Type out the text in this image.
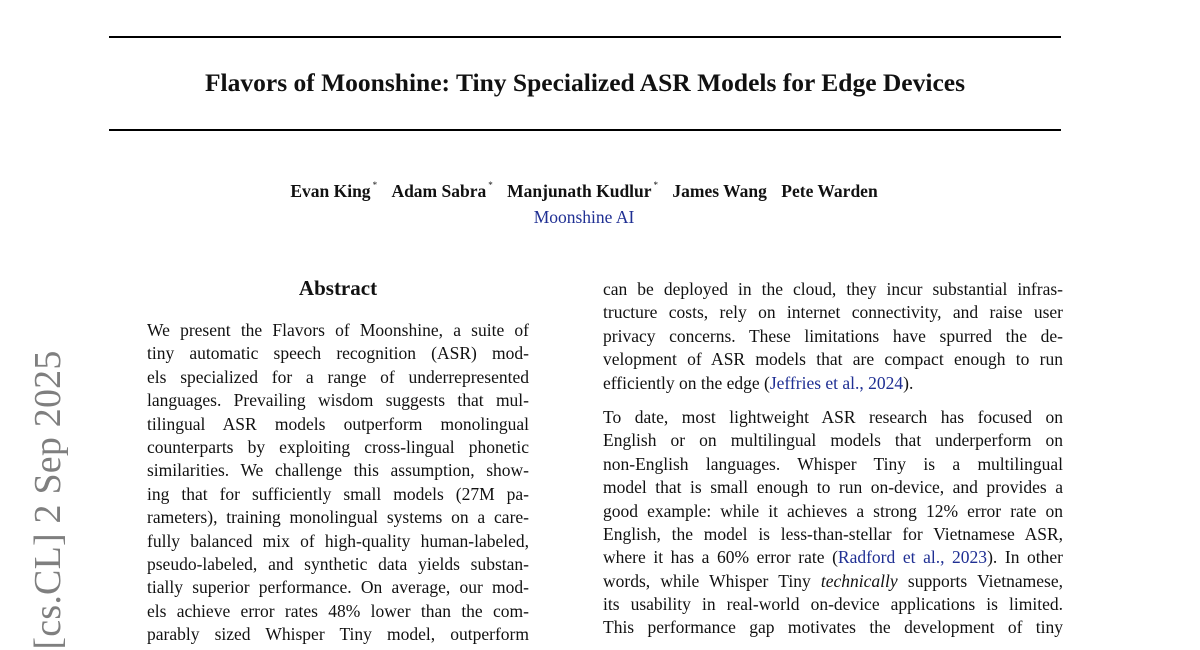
Flavors of Moonshine: Tiny Specialized ASR Models for Edge Devices
Evan King * Adam Sabra * Manjunath Kudlur * James Wang Pete Warden
Moonshine AI
[cs.CL] 2 Sep 2025
Abstract

We present the Flavors of Moonshine, a suite of
tiny automatic speech recognition (ASR) mod-
els specialized for a range of underrepresented
languages. Prevailing wisdom suggests that mul-
tilingual ASR models outperform monolingual
counterparts by exploiting cross-lingual phonetic
similarities. We challenge this assumption, show-
ing that for sufficiently small models (27M pa-
rameters), training monolingual systems on a care-
fully balanced mix of high-quality human-labeled,
pseudo-labeled, and synthetic data yields substan-
tially superior performance. On average, our mod-
els achieve error rates 48% lower than the com-
parably sized Whisper Tiny model, outperform

can be deployed in the cloud, they incur substantial infras-
tructure costs, rely on internet connectivity, and raise user
privacy concerns. These limitations have spurred the de-
velopment of ASR models that are compact enough to run
efficiently on the edge (Jeffries et al., 2024).

To date, most lightweight ASR research has focused on
English or on multilingual models that underperform on
non-English languages. Whisper Tiny is a multilingual
model that is small enough to run on-device, and provides a
good example: while it achieves a strong 12% error rate on
English, the model is less-than-stellar for Vietnamese ASR,
where it has a 60% error rate (Radford et al., 2023). In other
words, while Whisper Tiny technically supports Vietnamese,
its usability in real-world on-device applications is limited.
This performance gap motivates the development of tiny
